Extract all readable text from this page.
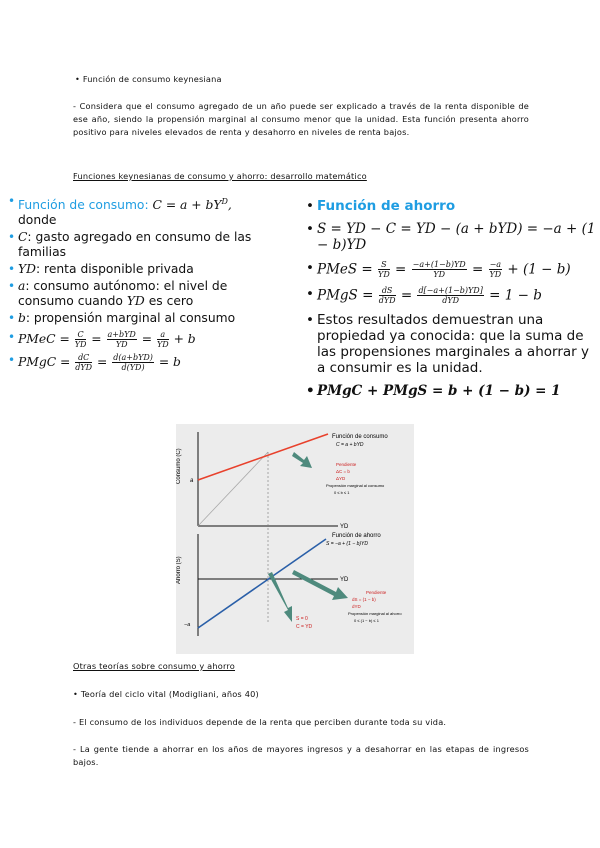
• Función de consumo keynesiana
- Considera que el consumo agregado de un año puede ser explicado a través de la renta disponible de ese año, siendo la propensión marginal al consumo menor que la unidad. Esta función presenta ahorro positivo para niveles elevados de renta y desahorro en niveles de renta bajos.
Funciones keynesianas de consumo y ahorro: desarrollo matemático
• Función de consumo: $C = a + bY^D$,
donde
• C: gasto agregado en consumo de las familias
• YD: renta disponible privada
• a: consumo autónomo: el nivel de consumo cuando YD es cero
• b: propensión marginal al consumo
• PMeC = $\frac{C}{YD} = \frac{\text{a+bYD}}{YD} = \frac{a}{YD} + b$
• PMgC = $\frac{dC}{\text{dYD}} = \frac{\text{d(a+bYD)}}{d(YD)} = b$
• Función de ahorro
• S = YD − C = YD − (a + bYD) = −a + (1 − b)YD
• PMeS = $\frac{S}{YD} = \frac{-a+(1-b)YD}{YD} = \frac{-a}{YD} + (1 - b)$
• PMgS = $\frac{dS}{\text{dYD}} = \frac{d[-a+(1-b)YD]}{\text{dYD}} = 1 - b$
• Estos resultados demuestran una propiedad ya conocida: que la suma de las propensiones marginales a ahorrar y a consumir es la unidad.
• PMgC + PMgS = b + (1 − b) = 1
Consumo (C) a
YD
Función de consumo
C = a + bYD
Pendiente
ΔC = b
ΔYD
Propensión marginal al consumo
0 ≤ b ≤ 1
Ahorro (S)
−a
YD
Función de ahorro
S = −a + (1 − b)YD
S = 0
C = YD
Pendiente
dS = (1 − b)
dYD
Propensión marginal al ahorro
0 ≤ (1 − b) ≤ 1
Otras teorías sobre consumo y ahorro
• Teoría del ciclo vital (Modigliani, años 40)
- El consumo de los individuos depende de la renta que perciben durante toda su vida.
- La gente tiende a ahorrar en los años de mayores ingresos y a desahorrar en las etapas de ingresos bajos.
